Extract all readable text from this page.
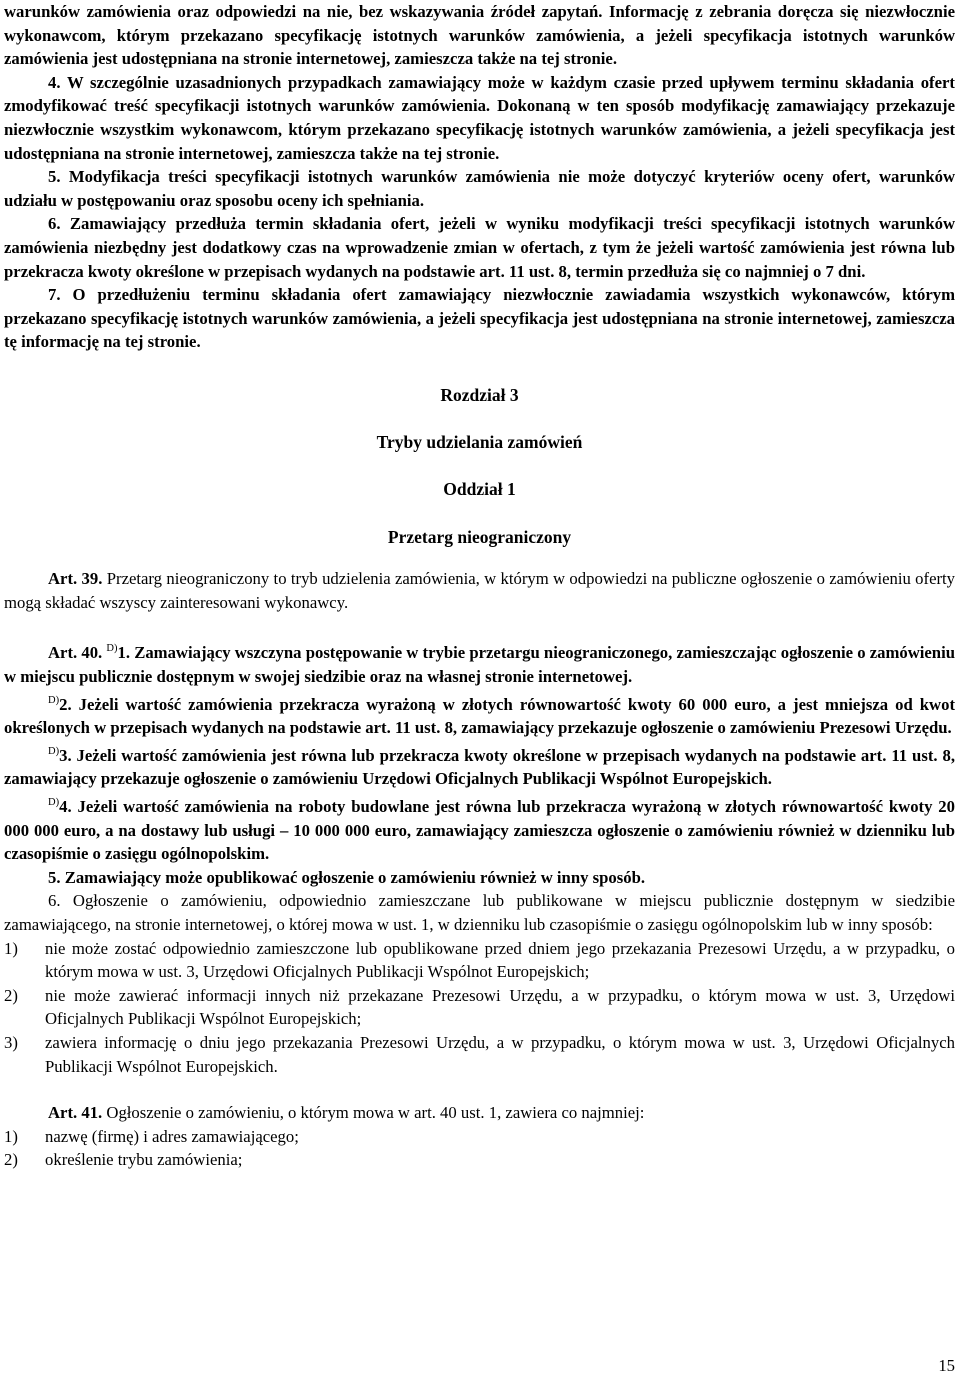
warunków zamówienia oraz odpowiedzi na nie, bez wskazywania źródeł zapytań. Informację z zebrania doręcza się niezwłocznie wykonawcom, którym przekazano specyfikację istotnych warunków zamówienia, a jeżeli specyfikacja istotnych warunków zamówienia jest udostępniana na stronie internetowej, zamieszcza także na tej stronie.

4. W szczególnie uzasadnionych przypadkach zamawiający może w każdym czasie przed upływem terminu składania ofert zmodyfikować treść specyfikacji istotnych warunków zamówienia. Dokonaną w ten sposób modyfikację zamawiający przekazuje niezwłocznie wszystkim wykonawcom, którym przekazano specyfikację istotnych warunków zamówienia, a jeżeli specyfikacja jest udostępniana na stronie internetowej, zamieszcza także na tej stronie.

5. Modyfikacja treści specyfikacji istotnych warunków zamówienia nie może dotyczyć kryteriów oceny ofert, warunków udziału w postępowaniu oraz sposobu oceny ich spełniania.

6. Zamawiający przedłuża termin składania ofert, jeżeli w wyniku modyfikacji treści specyfikacji istotnych warunków zamówienia niezbędny jest dodatkowy czas na wprowadzenie zmian w ofertach, z tym że jeżeli wartość zamówienia jest równa lub przekracza kwoty określone w przepisach wydanych na podstawie art. 11 ust. 8, termin przedłuża się co najmniej o 7 dni.

7. O przedłużeniu terminu składania ofert zamawiający niezwłocznie zawiadamia wszystkich wykonawców, którym przekazano specyfikację istotnych warunków zamówienia, a jeżeli specyfikacja jest udostępniana na stronie internetowej, zamieszcza tę informację na tej stronie.

Rozdział 3

Tryby udzielania zamówień

Oddział 1

Przetarg nieograniczony

Art. 39. Przetarg nieograniczony to tryb udzielenia zamówienia, w którym w odpowiedzi na publiczne ogłoszenie o zamówieniu oferty mogą składać wszyscy zainteresowani wykonawcy.

Art. 40. $^{D)}$1. Zamawiający wszczyna postępowanie w trybie przetargu nieograniczonego, zamieszczając ogłoszenie o zamówieniu w miejscu publicznie dostępnym w swojej siedzibie oraz na własnej stronie internetowej.

$^{D)}$2. Jeżeli wartość zamówienia przekracza wyrażoną w złotych równowartość kwoty 60 000 euro, a jest mniejsza od kwot określonych w przepisach wydanych na podstawie art. 11 ust. 8, zamawiający przekazuje ogłoszenie o zamówieniu Prezesowi Urzędu.

$^{D)}$3. Jeżeli wartość zamówienia jest równa lub przekracza kwoty określone w przepisach wydanych na podstawie art. 11 ust. 8, zamawiający przekazuje ogłoszenie o zamówieniu Urzędowi Oficjalnych Publikacji Wspólnot Europejskich.

$^{D)}$4. Jeżeli wartość zamówienia na roboty budowlane jest równa lub przekracza wyrażoną w złotych równowartość kwoty 20 000 000 euro, a na dostawy lub usługi – 10 000 000 euro, zamawiający zamieszcza ogłoszenie o zamówieniu również w dzienniku lub czasopiśmie o zasięgu ogólnopolskim.

5. Zamawiający może opublikować ogłoszenie o zamówieniu również w inny sposób.

6. Ogłoszenie o zamówieniu, odpowiednio zamieszczane lub publikowane w miejscu publicznie dostępnym w siedzibie zamawiającego, na stronie internetowej, o której mowa w ust. 1, w dzienniku lub czasopiśmie o zasięgu ogólnopolskim lub w inny sposób:

1)	nie może zostać odpowiednio zamieszczone lub opublikowane przed dniem jego przekazania Prezesowi Urzędu, a w przypadku, o którym mowa w ust. 3, Urzędowi Oficjalnych Publikacji Wspólnot Europejskich;
2)	nie może zawierać informacji innych niż przekazane Prezesowi Urzędu, a w przypadku, o którym mowa w ust. 3, Urzędowi Oficjalnych Publikacji Wspólnot Europejskich;
3)	zawiera informację o dniu jego przekazania Prezesowi Urzędu, a w przypadku, o którym mowa w ust. 3, Urzędowi Oficjalnych Publikacji Wspólnot Europejskich.

Art. 41. Ogłoszenie o zamówieniu, o którym mowa w art. 40 ust. 1, zawiera co najmniej:

1)	nazwę (firmę) i adres zamawiającego;
2)	określenie trybu zamówienia;
15
